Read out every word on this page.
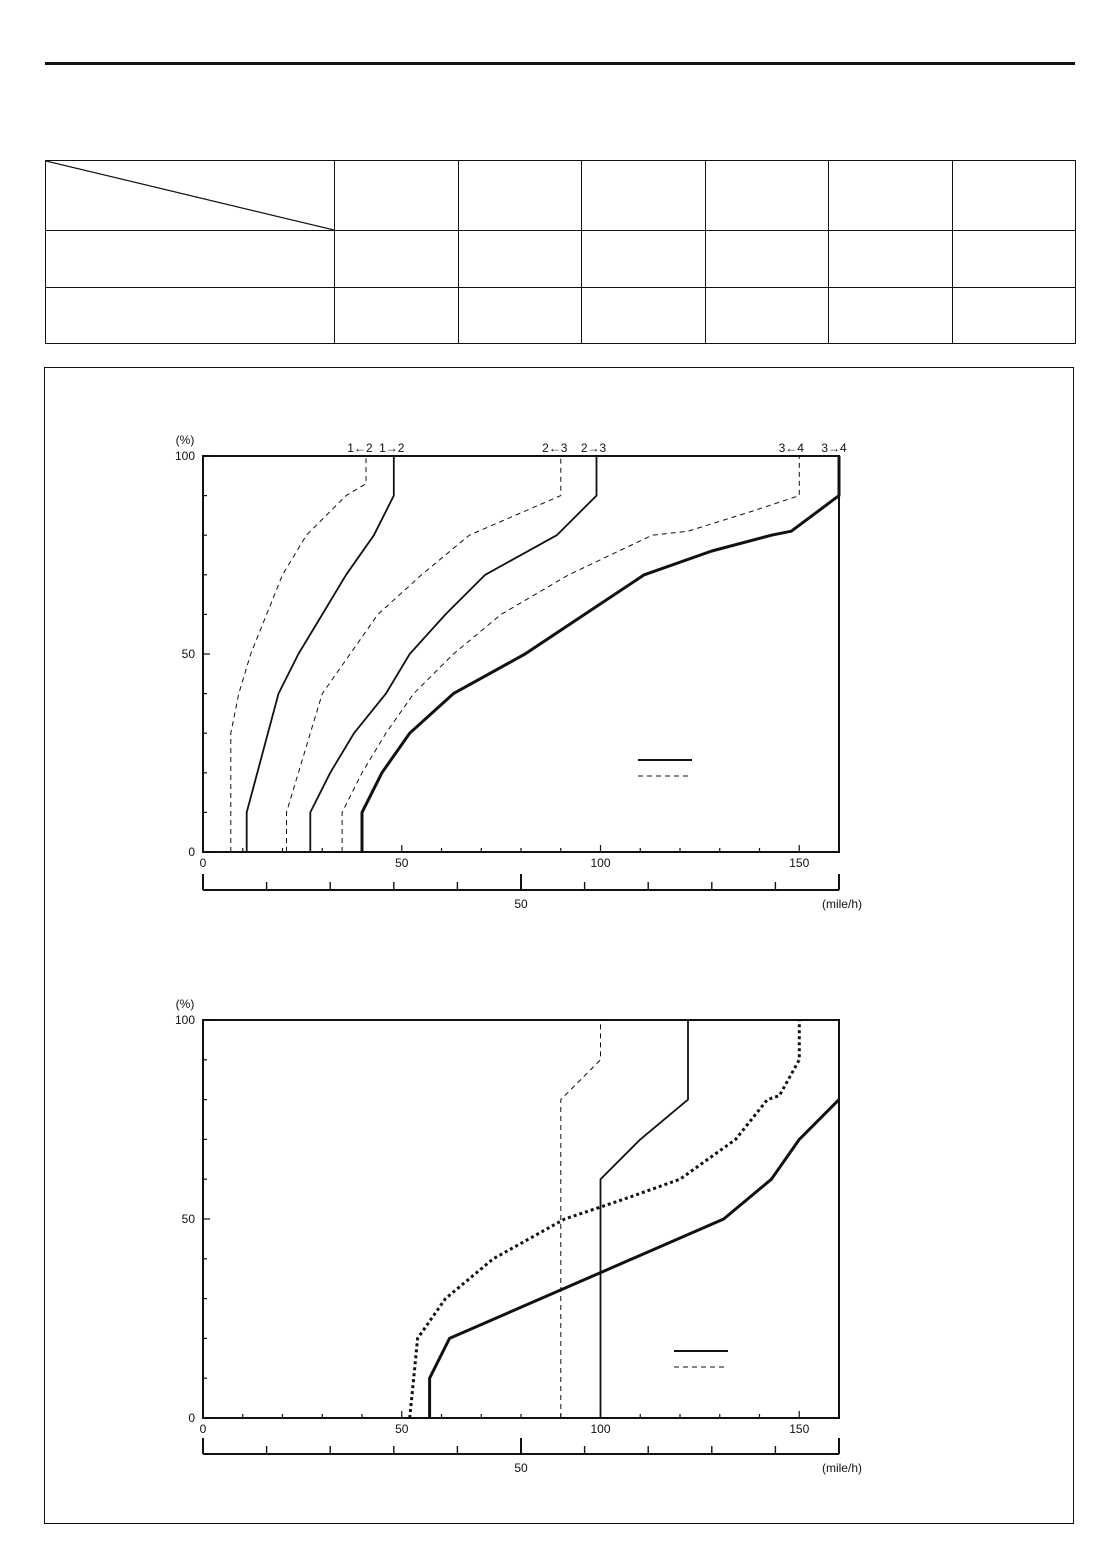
0
50
100
(%)
0	50	100	150
50	(mile/h)
1←2 1→2	2←3 2→3	3←4 3→4
0
50
100
(%)
0	50	100	150
50	(mile/h)
